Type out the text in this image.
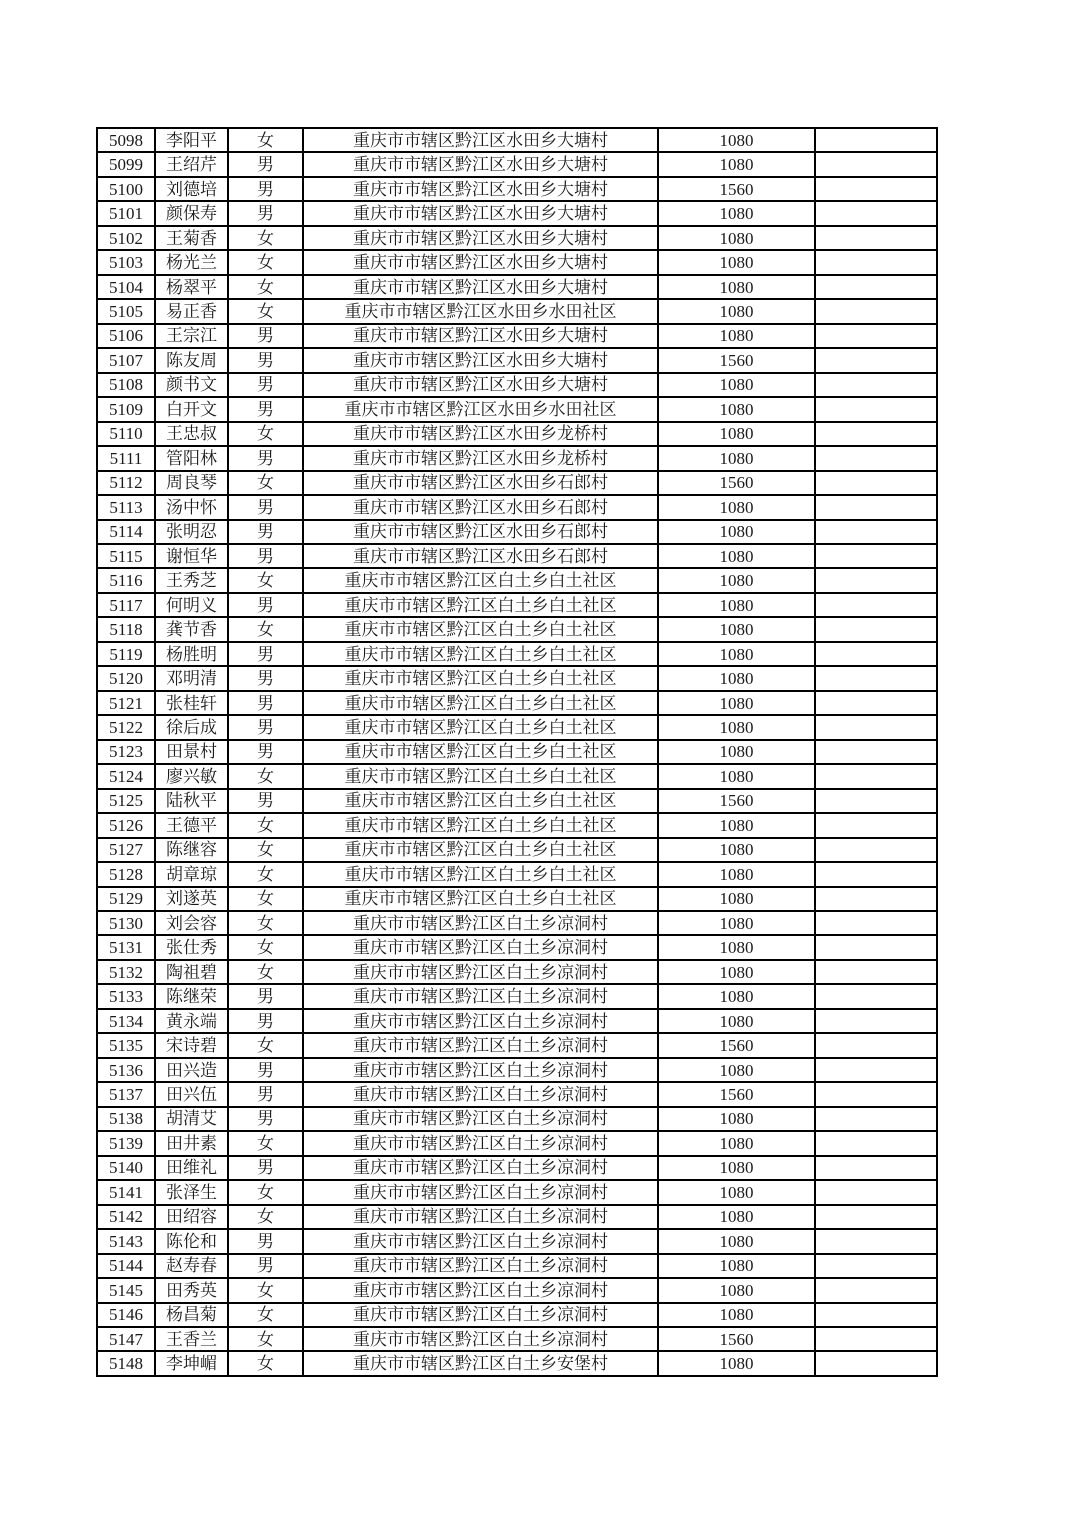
5098	李阳平	女	重庆市市辖区黔江区水田乡大塘村	1080	
5099	王绍芹	男	重庆市市辖区黔江区水田乡大塘村	1080	
5100	刘德培	男	重庆市市辖区黔江区水田乡大塘村	1560	
5101	颜保寿	男	重庆市市辖区黔江区水田乡大塘村	1080	
5102	王菊香	女	重庆市市辖区黔江区水田乡大塘村	1080	
5103	杨光兰	女	重庆市市辖区黔江区水田乡大塘村	1080	
5104	杨翠平	女	重庆市市辖区黔江区水田乡大塘村	1080	
5105	易正香	女	重庆市市辖区黔江区水田乡水田社区	1080	
5106	王宗江	男	重庆市市辖区黔江区水田乡大塘村	1080	
5107	陈友周	男	重庆市市辖区黔江区水田乡大塘村	1560	
5108	颜书文	男	重庆市市辖区黔江区水田乡大塘村	1080	
5109	白开文	男	重庆市市辖区黔江区水田乡水田社区	1080	
5110	王忠叔	女	重庆市市辖区黔江区水田乡龙桥村	1080	
5111	管阳林	男	重庆市市辖区黔江区水田乡龙桥村	1080	
5112	周良琴	女	重庆市市辖区黔江区水田乡石郎村	1560	
5113	汤中怀	男	重庆市市辖区黔江区水田乡石郎村	1080	
5114	张明忍	男	重庆市市辖区黔江区水田乡石郎村	1080	
5115	谢恒华	男	重庆市市辖区黔江区水田乡石郎村	1080	
5116	王秀芝	女	重庆市市辖区黔江区白土乡白土社区	1080	
5117	何明义	男	重庆市市辖区黔江区白土乡白土社区	1080	
5118	龚节香	女	重庆市市辖区黔江区白土乡白土社区	1080	
5119	杨胜明	男	重庆市市辖区黔江区白土乡白土社区	1080	
5120	邓明清	男	重庆市市辖区黔江区白土乡白土社区	1080	
5121	张桂轩	男	重庆市市辖区黔江区白土乡白土社区	1080	
5122	徐后成	男	重庆市市辖区黔江区白土乡白土社区	1080	
5123	田景村	男	重庆市市辖区黔江区白土乡白土社区	1080	
5124	廖兴敏	女	重庆市市辖区黔江区白土乡白土社区	1080	
5125	陆秋平	男	重庆市市辖区黔江区白土乡白土社区	1560	
5126	王德平	女	重庆市市辖区黔江区白土乡白土社区	1080	
5127	陈继容	女	重庆市市辖区黔江区白土乡白土社区	1080	
5128	胡章琼	女	重庆市市辖区黔江区白土乡白土社区	1080	
5129	刘遂英	女	重庆市市辖区黔江区白土乡白土社区	1080	
5130	刘会容	女	重庆市市辖区黔江区白土乡凉洞村	1080	
5131	张仕秀	女	重庆市市辖区黔江区白土乡凉洞村	1080	
5132	陶祖碧	女	重庆市市辖区黔江区白土乡凉洞村	1080	
5133	陈继荣	男	重庆市市辖区黔江区白土乡凉洞村	1080	
5134	黄永端	男	重庆市市辖区黔江区白土乡凉洞村	1080	
5135	宋诗碧	女	重庆市市辖区黔江区白土乡凉洞村	1560	
5136	田兴造	男	重庆市市辖区黔江区白土乡凉洞村	1080	
5137	田兴伍	男	重庆市市辖区黔江区白土乡凉洞村	1560	
5138	胡清艾	男	重庆市市辖区黔江区白土乡凉洞村	1080	
5139	田井素	女	重庆市市辖区黔江区白土乡凉洞村	1080	
5140	田维礼	男	重庆市市辖区黔江区白土乡凉洞村	1080	
5141	张泽生	女	重庆市市辖区黔江区白土乡凉洞村	1080	
5142	田绍容	女	重庆市市辖区黔江区白土乡凉洞村	1080	
5143	陈伦和	男	重庆市市辖区黔江区白土乡凉洞村	1080	
5144	赵寿春	男	重庆市市辖区黔江区白土乡凉洞村	1080	
5145	田秀英	女	重庆市市辖区黔江区白土乡凉洞村	1080	
5146	杨昌菊	女	重庆市市辖区黔江区白土乡凉洞村	1080	
5147	王香兰	女	重庆市市辖区黔江区白土乡凉洞村	1560	
5148	李坤嵋	女	重庆市市辖区黔江区白土乡安堡村	1080	
